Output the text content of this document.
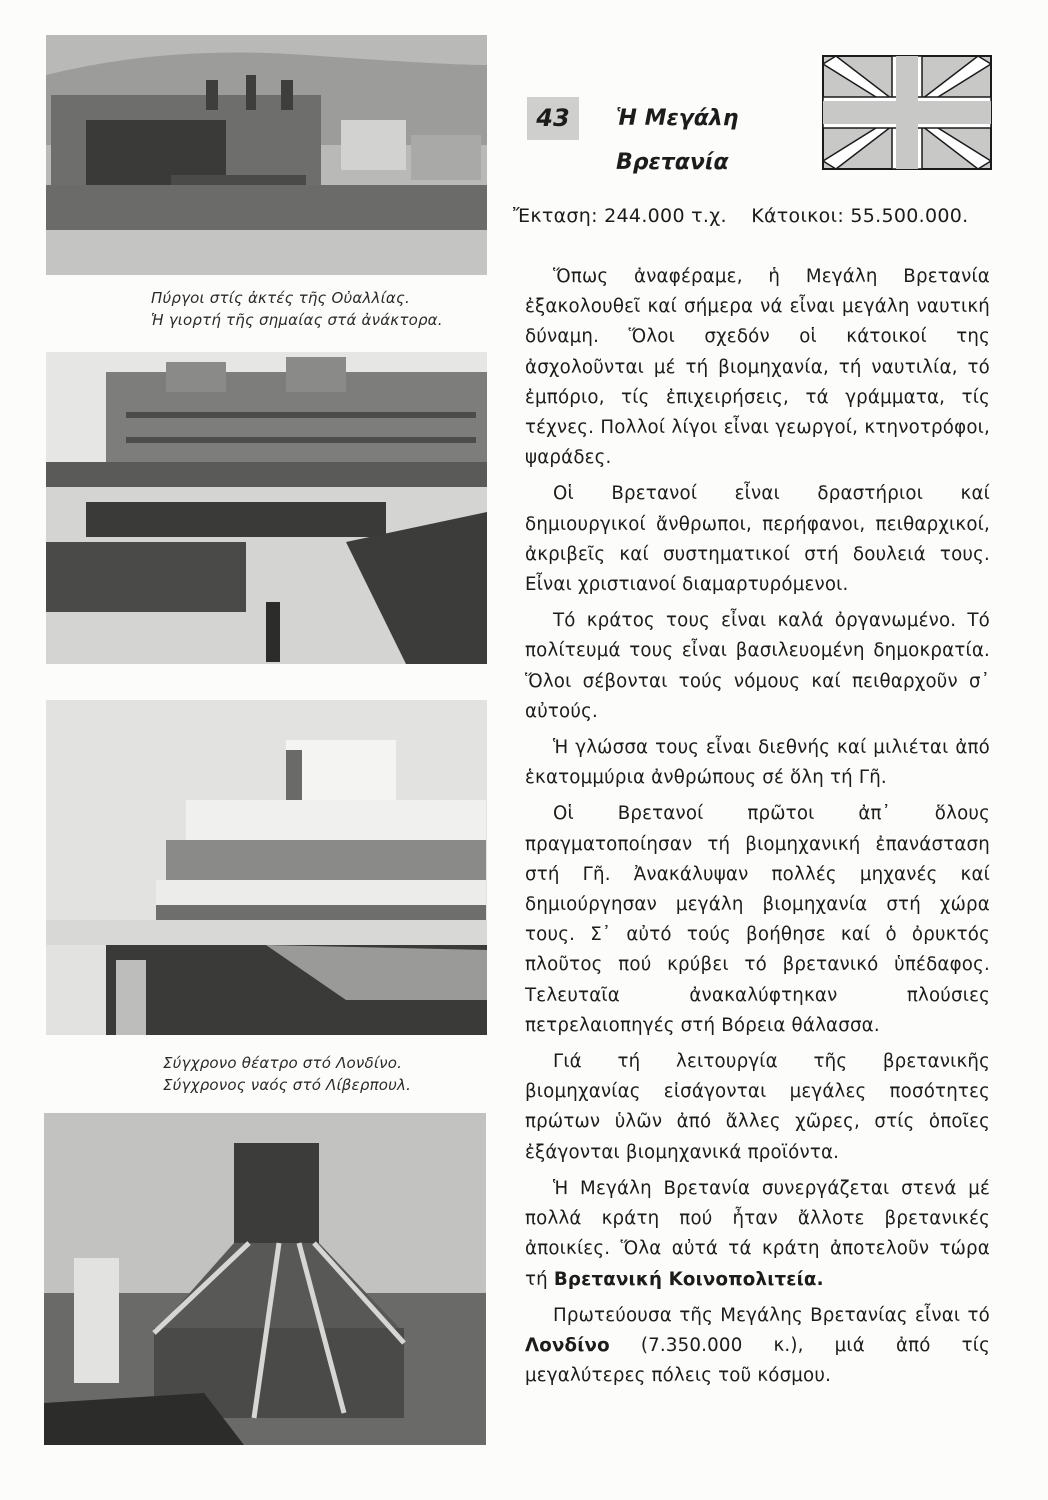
Πύργοι στίς ἀκτές τῆς Οὐαλλίας.
Ἡ γιορτή τῆς σημαίας στά ἀνάκτορα.
Σύγχρονο θέατρο στό Λονδίνο.
Σύγχρονος ναός στό Λίβερπουλ.
43	Ἡ Μεγάλη
Βρετανία
Ἔκταση: 244.000 τ.χ. Κάτοικοι: 55.500.000.

Ὅπως ἀναφέραμε, ἡ Μεγάλη Βρετανία ἐξακολουθεῖ καί σήμερα νά εἶναι μεγάλη ναυτική δύναμη. Ὅλοι σχεδόν οἱ κάτοικοί της ἀσχολοῦνται μέ τή βιομηχανία, τή ναυτιλία, τό ἐμπόριο, τίς ἐπιχειρήσεις, τά γράμματα, τίς τέχνες. Πολλοί λίγοι εἶναι γεωργοί, κτηνοτρόφοι, ψαράδες.

Οἱ Βρετανοί εἶναι δραστήριοι καί δημιουργικοί ἄνθρωποι, περήφανοι, πειθαρχικοί, ἀκριβεῖς καί συστηματικοί στή δουλειά τους. Εἶναι χριστιανοί διαμαρτυρόμενοι.

Τό κράτος τους εἶναι καλά ὀργανωμένο. Τό πολίτευμά τους εἶναι βασιλευομένη δημοκρατία. Ὅλοι σέβονται τούς νόμους καί πειθαρχοῦν σ᾽ αὐτούς.

Ἡ γλώσσα τους εἶναι διεθνής καί μιλιέται ἀπό ἑκατομμύρια ἀνθρώπους σέ ὅλη τή Γῆ.

Οἱ Βρετανοί πρῶτοι ἀπ᾽ ὅλους πραγματοποίησαν τή βιομηχανική ἐπανάσταση στή Γῆ. Ἀνακάλυψαν πολλές μηχανές καί δημιούργησαν μεγάλη βιομηχανία στή χώρα τους. Σ᾽ αὐτό τούς βοήθησε καί ὁ ὀρυκτός πλοῦτος πού κρύβει τό βρετανικό ὑπέδαφος. Τελευταῖα ἀνακαλύφτηκαν πλούσιες πετρελαιοπηγές στή Βόρεια θάλασσα.

Γιά τή λειτουργία τῆς βρετανικῆς βιομηχανίας εἰσάγονται μεγάλες ποσότητες πρώτων ὑλῶν ἀπό ἄλλες χῶρες, στίς ὁποῖες ἐξάγονται βιομηχανικά προϊόντα.

Ἡ Μεγάλη Βρετανία συνεργάζεται στενά μέ πολλά κράτη πού ἦταν ἄλλοτε βρετανικές ἀποικίες. Ὅλα αὐτά τά κράτη ἀποτελοῦν τώρα τή Βρετανική Κοινοπολιτεία.

Πρωτεύουσα τῆς Μεγάλης Βρετανίας εἶναι τό Λονδίνο (7.350.000 κ.), μιά ἀπό τίς μεγαλύτερες πόλεις τοῦ κόσμου.
